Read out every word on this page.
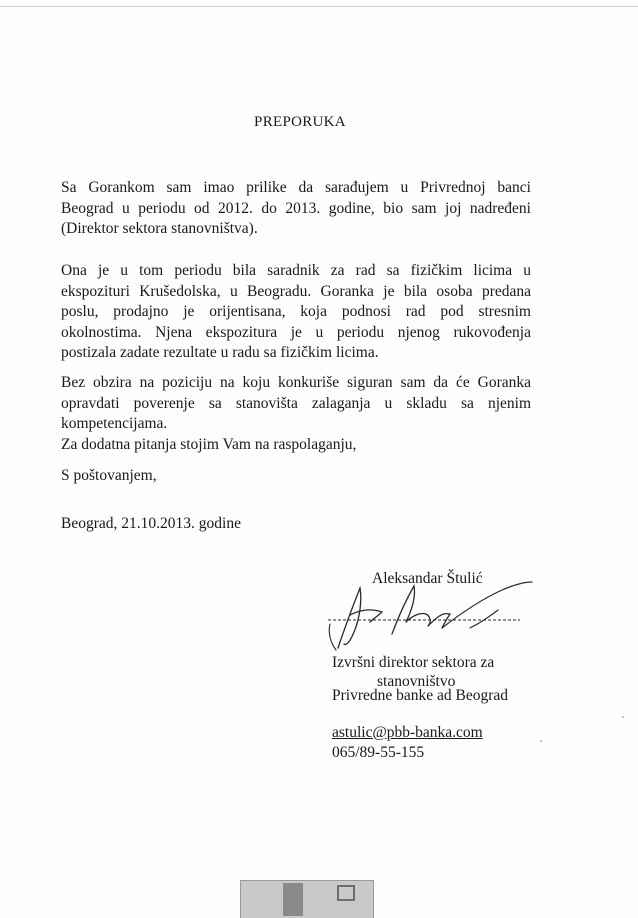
PREPORUKA
Sa Gorankom sam imao prilike da sarađujem u Privrednoj banci
Beograd u periodu od 2012. do 2013. godine, bio sam joj nadređeni
(Direktor sektora stanovništva).
Ona je u tom periodu bila saradnik za rad sa fizičkim licima u
ekspozituri Krušedolska, u Beogradu. Goranka je bila osoba predana
poslu, prodajno je orijentisana, koja podnosi rad pod stresnim
okolnostima. Njena ekspozitura je u periodu njenog rukovođenja
postizala zadate rezultate u radu sa fizičkim licima.
Bez obzira na poziciju na koju konkuriše siguran sam da će Goranka
opravdati poverenje sa stanovišta zalaganja u skladu sa njenim
kompetencijama.
Za dodatna pitanja stojim Vam na raspolaganju,
S poštovanjem,
Beograd, 21.10.2013. godine
Aleksandar Štulić
Izvršni direktor sektora za
stanovništvo
Privredne banke ad Beograd
astulic@pbb-banka.com
065/89-55-155
